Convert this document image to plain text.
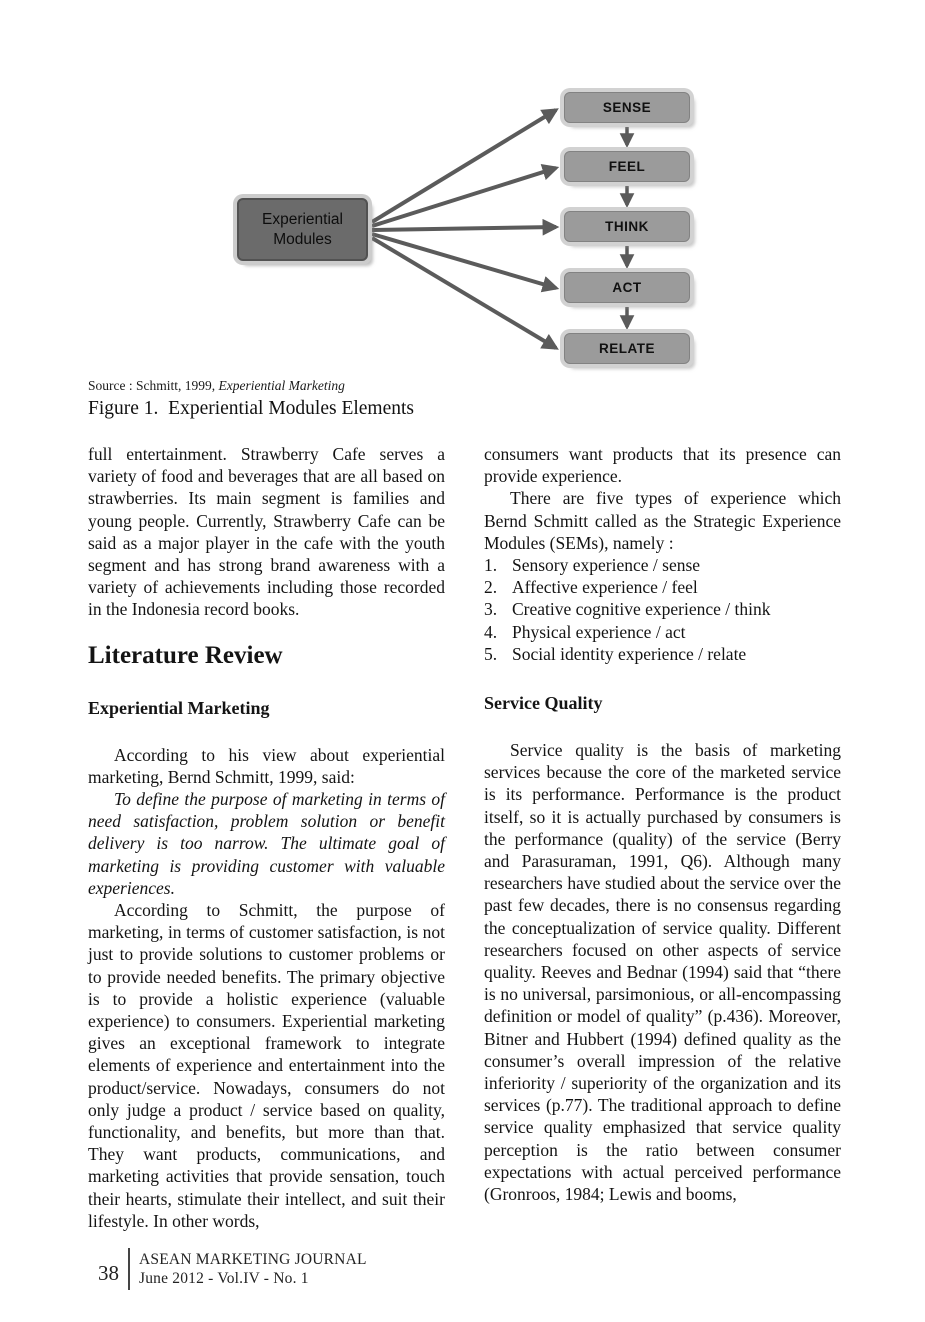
Experiential Modules
SENSE
FEEL
THINK
ACT
RELATE
Source : Schmitt, 1999, Experiential Marketing
Figure 1.  Experiential Modules Elements

full entertainment. Strawberry Cafe serves a variety of food and beverages that are all based on strawberries. Its main segment is families and young people. Currently, Strawberry Cafe can be said as a major player in the cafe with the youth segment and has strong brand awareness with a variety of achievements including those recorded in the Indonesia record books.

Literature Review
Experiential Marketing

According to his view about experiential marketing, Bernd Schmitt, 1999, said:

To define the purpose of marketing in terms of need satisfaction, problem solution or benefit delivery is too narrow. The ultimate goal of marketing is providing customer with valuable experiences.

According to Schmitt, the purpose of marketing, in terms of customer satisfaction, is not just to provide solutions to customer problems or to provide needed benefits. The primary objective is to provide a holistic experience (valuable experience) to consumers. Experiential marketing gives an exceptional framework to integrate elements of experience and entertainment into the product/service. Nowadays, consumers do not only judge a product / service based on quality, functionality, and benefits, but more than that. They want products, communications, and marketing activities that provide sensation, touch their hearts, stimulate their intellect, and suit their lifestyle. In other words,

consumers want products that its presence can provide experience.

There are five types of experience which Bernd Schmitt called as the Strategic Experience Modules (SEMs), namely :

1. Sensory experience / sense
2. Affective experience / feel
3. Creative cognitive experience / think
4. Physical experience / act
5. Social identity experience / relate
Service Quality

Service quality is the basis of marketing services because the core of the marketed service is its performance. Performance is the product itself, so it is actually purchased by consumers is the performance (quality) of the service (Berry and Parasuraman, 1991, Q6). Although many researchers have studied about the service over the past few decades, there is no consensus regarding the conceptualization of service quality. Different researchers focused on other aspects of service quality. Reeves and Bednar (1994) said that “there is no universal, parsimonious, or all-encompassing definition or model of quality” (p.436). Moreover, Bitner and Hubbert (1994) defined quality as the consumer’s overall impression of the relative inferiority / superiority of the organization and its services (p.77). The traditional approach to define service quality emphasized that service quality perception is the ratio between consumer expectations with actual perceived performance (Gronroos, 1984; Lewis and booms,

38
ASEAN MARKETING JOURNAL
June 2012 - Vol.IV - No. 1
